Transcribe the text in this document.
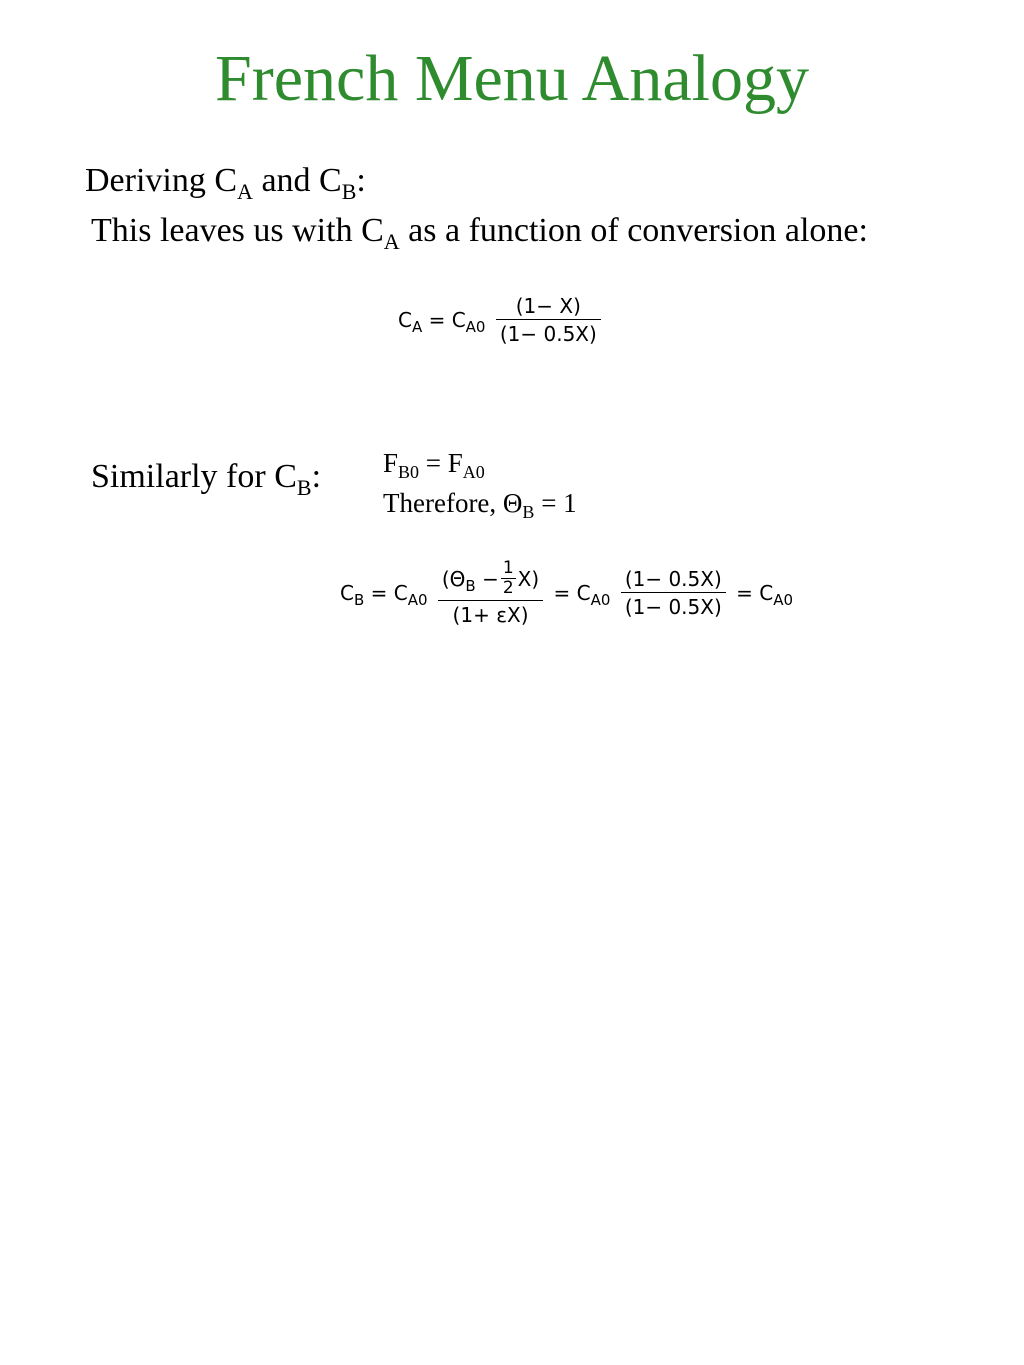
French Menu Analogy
Deriving $C_A$ and $C_B$:
This leaves us with $C_A$ as a function of conversion alone:
$C_A = C_{A0} \frac{(1- X)}{(1- 0.5X)}$
Similarly for $C_B$: $F_{B0} = F_{A0}$
Therefore, $\Theta_B = 1$
$C_B = C_{A0} \frac{(\Theta_B - \frac{1}{2} X)}{(1+ \varepsilon X)} = C_{A0} \frac{(1- 0.5X)}{(1- 0.5X)} = C_{A0}$
